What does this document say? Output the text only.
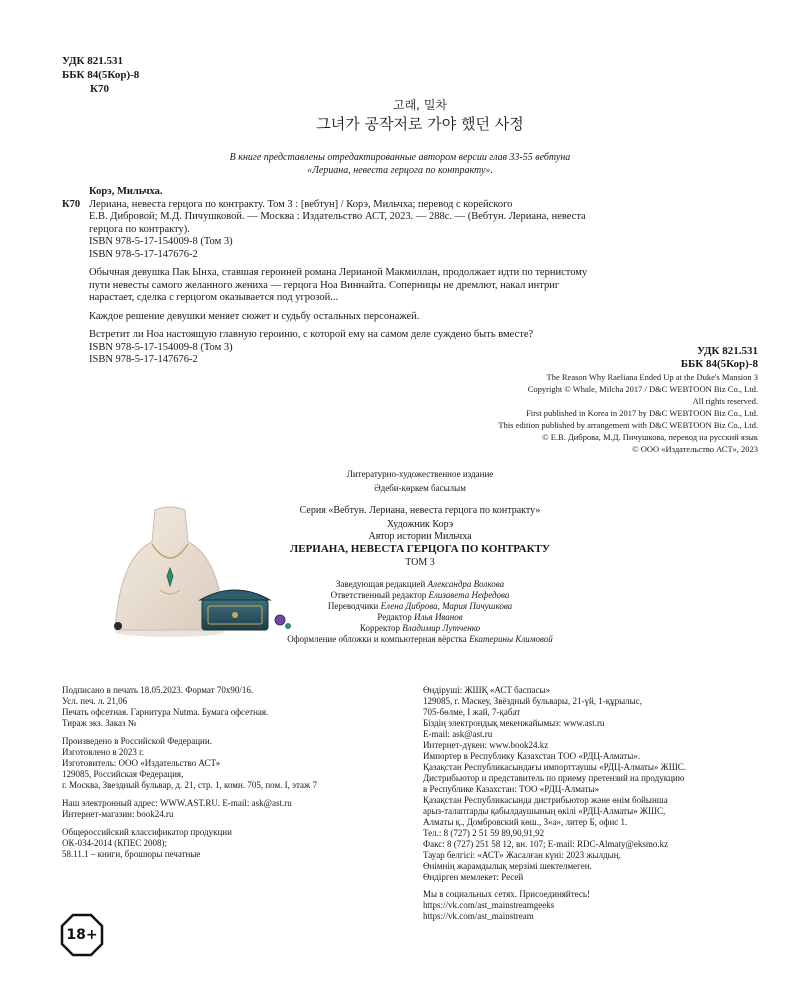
УДК 821.531
ББК 84(5Кор)-8
К70
고래, 밀차
그녀가 공작저로 가야 했던 사정
В книге представлены отредактированные автором версии глав 33-55 вебтуна
«Лериана, невеста герцога по контракту».
Корэ, Мильчха.
К70 Лериана, невеста герцога по контракту. Том 3 : [вебтун] / Корэ, Мильчха; перевод с корейского
Е.В. Дибровой; М.Д. Пичушковой. — Москва : Издательство АСТ, 2023. — 288с. — (Вебтун. Лериана, невеста
герцога по контракту).
ISBN 978-5-17-154009-8 (Том 3)
ISBN 978-5-17-147676-2
Обычная девушка Пак Ынха, ставшая героиней романа Лерианой Макмиллан, продолжает идти по тернистому
пути невесты самого желанного жениха — герцога Ноа Виннайта. Соперницы не дремлют, накал интриг
нарастает, сделка с герцогом оказывается под угрозой...
Каждое решение девушки меняет сюжет и судьбу остальных персонажей.
Встретит ли Ноа настоящую главную героиню, с которой ему на самом деле суждено быть вместе?
ISBN 978-5-17-154009-8 (Том 3)
ISBN 978-5-17-147676-2
УДК 821.531
ББК 84(5Кор)-8
The Reason Why Raeliana Ended Up at the Duke's Mansion 3
Copyright © Whale, Milcha 2017 / D&C WEBTOON Biz Co., Ltd.
All rights reserved.
First published in Korea in 2017 by D&C WEBTOON Biz Co., Ltd.
This edition published by arrangement with D&C WEBTOON Biz Co., Ltd.
© Е.В. Диброва, М.Д. Пичушкова, перевод на русский язык
© ООО «Издательство АСТ», 2023
Литературно-художественное издание
Әдеби-көркем басылым
Серия «Вебтун. Лериана, невеста герцога по контракту»
Художник Корэ
Автор истории Мильчха
ЛЕРИАНА, НЕВЕСТА ГЕРЦОГА ПО КОНТРАКТУ
ТОМ 3
Заведующая редакцией Александра Волкова
Ответственный редактор Елизавета Нефедова
Переводчики Елена Диброва, Мария Пичушкова
Редактор Илья Иванов
Корректор Владимир Лутченко
Оформление обложки и компьютерная вёрстка Екатерины Климовой
Подписано в печать 18.05.2023. Формат 70х90/16.
Усл. печ. л. 21,06
Печать офсетная. Гарнитура Nutma. Бумага офсетная.
Тираж экз. Заказ №
Произведено в Российской Федерации.
Изготовлено в 2023 г.
Изготовитель: ООО «Издательство АСТ»
129085, Российская Федерация,
г. Москва, Звездный бульвар, д. 21, стр. 1, комн. 705, пом. I, этаж 7
Наш электронный адрес: WWW.AST.RU. E-mail: ask@ast.ru
Интернет-магазин: book24.ru
Общероссийский классификатор продукции
ОК-034-2014 (КПЕС 2008);
58.11.1 – книги, брошюры печатные
Өндіруші: ЖШҚ «АСТ баспасы»
129085, г. Мәскеу, Звёздный бульвары, 21-үй, 1-құрылыс,
705-бөлме, I жай, 7-қабат
Біздің электрондық мекенжайымыз: www.ast.ru
E-mail: ask@ast.ru
Интернет-дүкен: www.book24.kz
Импортер в Республику Казахстан ТОО «РДЦ-Алматы».
Қазақстан Республикасындағы импорттаушы «РДЦ-Алматы» ЖШС.
Дистрибьютор и представитель по приему претензий на продукцию
в Республике Казахстан: ТОО «РДЦ-Алматы»
Қазақстан Республикасында дистрибьютор және өнім бойынша
арыз-талаптарды қабылдаушының өкілі «РДЦ-Алматы» ЖШС,
Алматы қ., Домбровский көш., 3«а», литер Б, офис 1.
Тел.: 8 (727) 2 51 59 89,90,91,92
Факс: 8 (727) 251 58 12, вн. 107; E-mail: RDC-Almaty@eksmo.kz
Тауар белгісі: «АСТ» Жасалған күні: 2023 жылдың.
Өнімнің жарамдылық мерзімі шектелмеген.
Өндірген мемлекет: Ресей
Мы в социальных сетях. Присоединяйтесь!
https://vk.com/ast_mainstreamgeeks
https://vk.com/ast_mainstream
18+
